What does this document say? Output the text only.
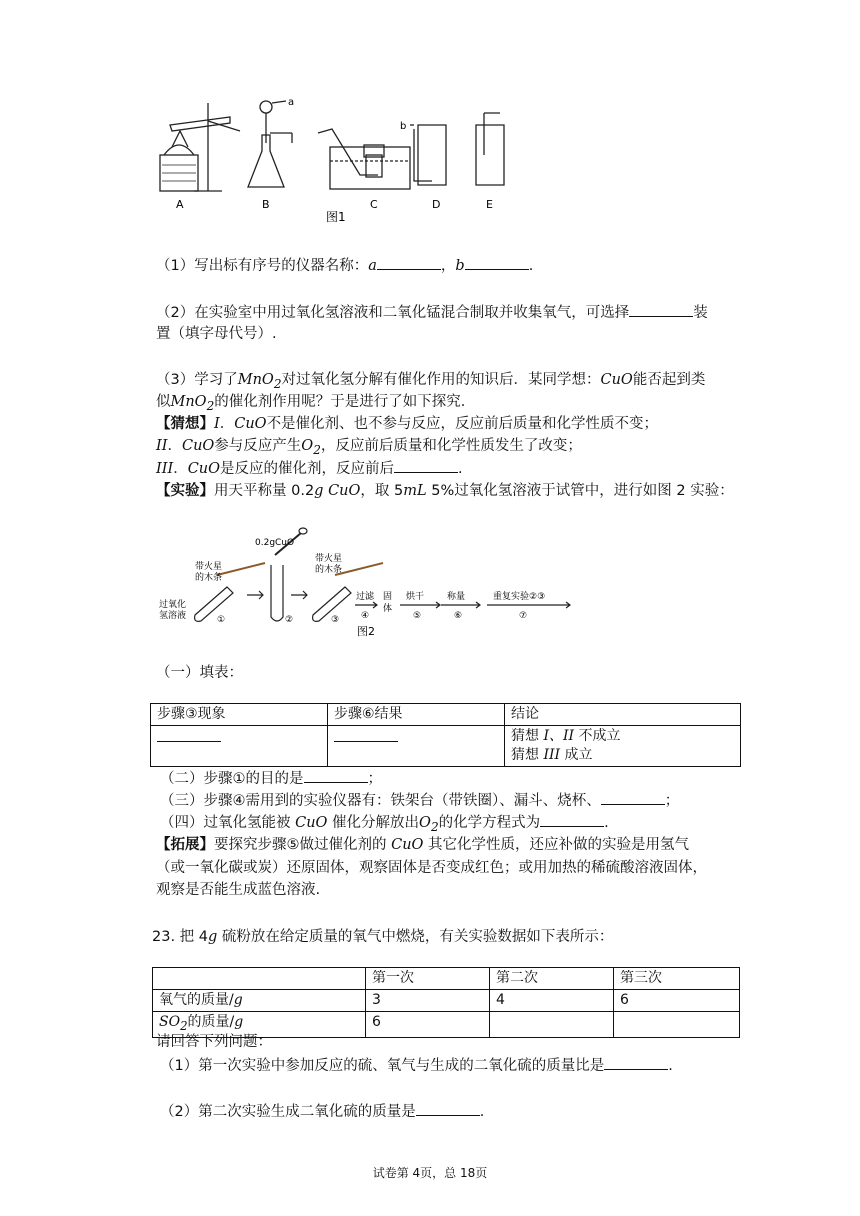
A	B	C	D	E
a
b
图1
（1）写出标有序号的仪器名称：a	，b	.
（2）在实验室中用过氧化氢溶液和二氧化锰混合制取并收集氧气，可选择	装
置（填字母代号）.
（3）学习了MnO$_2$对过氧化氢分解有催化作用的知识后．某同学想：CuO能否起到类
似MnO$_2$的催化剂作用呢？于是进行了如下探究．
【猜想】I．CuO不是催化剂、也不参与反应，反应前后质量和化学性质不变；
II．CuO参与反应产生$O_2$，反应前后质量和化学性质发生了改变；
III．CuO是反应的催化剂，反应前后	.
【实验】用天平称量 0.2g CuO，取 5mL 5%过氧化氢溶液于试管中，进行如图 2 实验：
0.2gCuO
带火星
的木条
带火星
的木条
过氧化
氢溶液	①	②	③
过滤
④
固
体
烘干
⑤
称量
⑥
重复实验②③
⑦
图2
（一）填表：
步骤③现象	步骤⑥结果	结论

		猜想 I、II 不成立
猜想 III 成立
（二）步骤①的目的是	；
（三）步骤④需用到的实验仪器有：铁架台（带铁圈）、漏斗、烧杯、	；
（四）过氧化氢能被 CuO 催化分解放出$O_2$的化学方程式为	.
【拓展】要探究步骤⑤做过催化剂的 CuO 其它化学性质，还应补做的实验是用氢气
（或一氧化碳或炭）还原固体，观察固体是否变成红色；或用加热的稀硫酸溶液固体，
观察是否能生成蓝色溶液.
23. 把 4g 硫粉放在给定质量的氧气中燃烧，有关实验数据如下表所示：
	第一次	第二次	第三次
氧气的质量/g	3	4	6
$SO_2$的质量/g	6		
请回答下列问题：
（1）第一次实验中参加反应的硫、氧气与生成的二氧化硫的质量比是	.
（2）第二次实验生成二氧化硫的质量是	.
试卷第 4页，总 18页
